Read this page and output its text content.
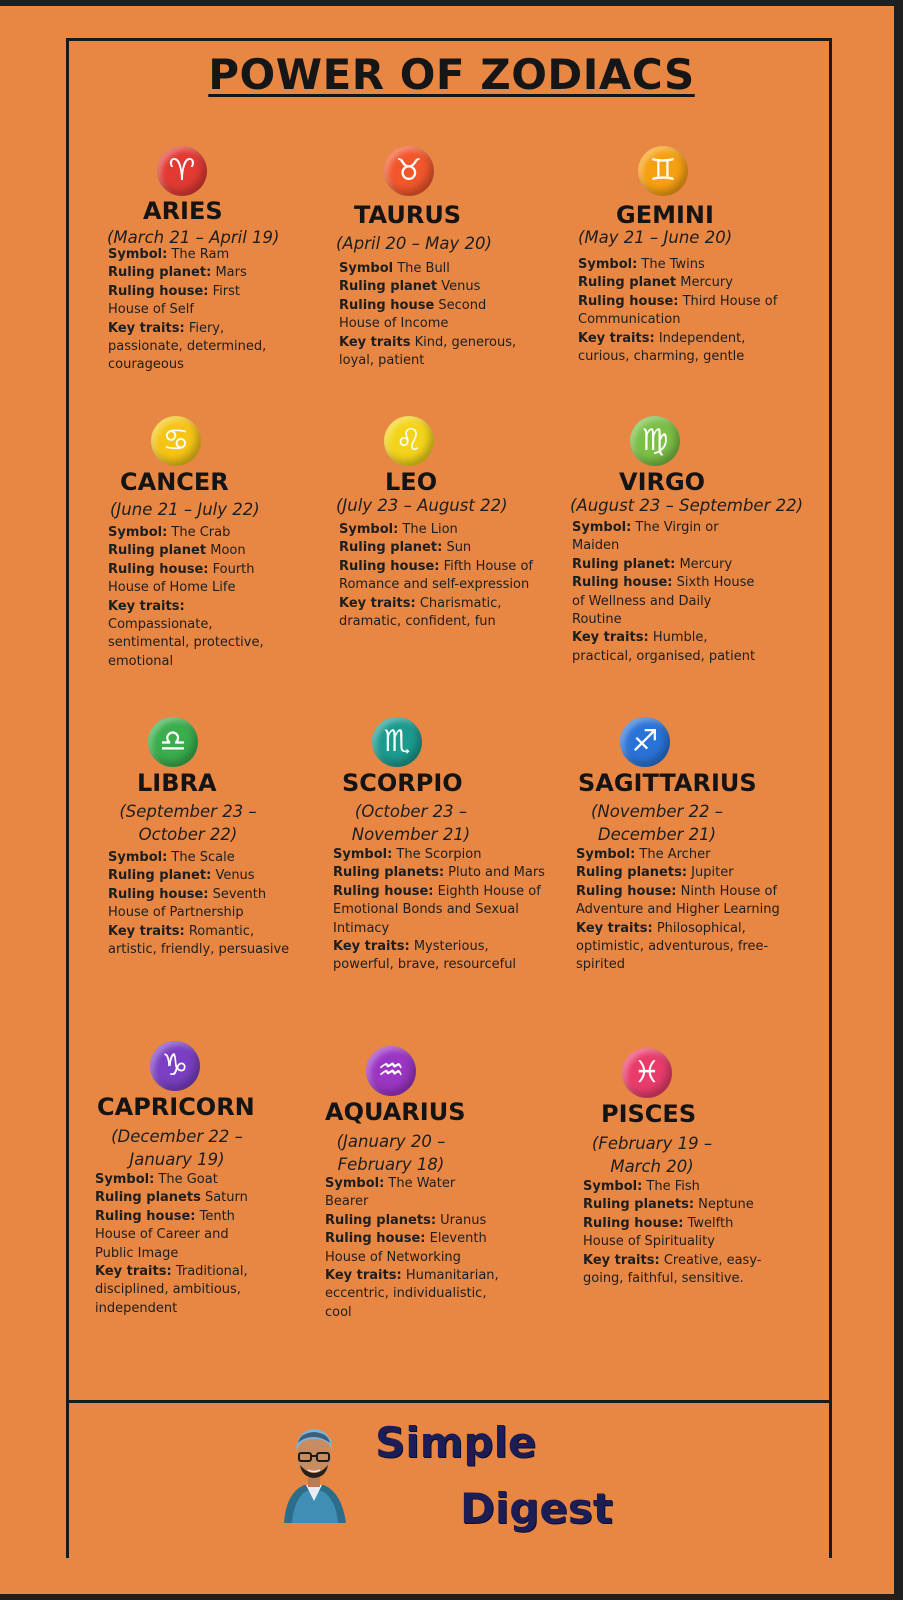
POWER OF ZODIACS
♈
ARIES
(March 21 – April 19)
Symbol: The Ram
Ruling planet: Mars
Ruling house: First House of Self
Key traits: Fiery, passionate, determined, courageous
♉
TAURUS
(April 20 – May 20)
Symbol The Bull
Ruling planet Venus
Ruling house Second House of Income
Key traits Kind, generous, loyal, patient
♊
GEMINI
(May 21 – June 20)
Symbol: The Twins
Ruling planet Mercury
Ruling house: Third House of Communication
Key traits: Independent, curious, charming, gentle
♋
CANCER
(June 21 – July 22)
Symbol: The Crab
Ruling planet Moon
Ruling house: Fourth House of Home Life
Key traits: Compassionate, sentimental, protective, emotional
♌
LEO
(July 23 – August 22)
Symbol: The Lion
Ruling planet: Sun
Ruling house: Fifth House of Romance and self-expression
Key traits: Charismatic, dramatic, confident, fun
♍
VIRGO
(August 23 – September 22)
Symbol: The Virgin or Maiden
Ruling planet: Mercury
Ruling house: Sixth House of Wellness and Daily Routine
Key traits: Humble, practical, organised, patient
♎
LIBRA
(September 23 – October 22)
Symbol: The Scale
Ruling planet: Venus
Ruling house: Seventh House of Partnership
Key traits: Romantic, artistic, friendly, persuasive
♏
SCORPIO
(October 23 – November 21)
Symbol: The Scorpion
Ruling planets: Pluto and Mars
Ruling house: Eighth House of Emotional Bonds and Sexual Intimacy
Key traits: Mysterious, powerful, brave, resourceful
♐
SAGITTARIUS
(November 22 – December 21)
Symbol: The Archer
Ruling planets: Jupiter
Ruling house: Ninth House of Adventure and Higher Learning
Key traits: Philosophical, optimistic, adventurous, free-spirited
♑
CAPRICORN
(December 22 – January 19)
Symbol: The Goat
Ruling planets Saturn
Ruling house: Tenth House of Career and Public Image
Key traits: Traditional, disciplined, ambitious, independent
♒
AQUARIUS
(January 20 – February 18)
Symbol: The Water Bearer
Ruling planets: Uranus
Ruling house: Eleventh House of Networking
Key traits: Humanitarian, eccentric, individualistic, cool
♓
PISCES
(February 19 – March 20)
Symbol: The Fish
Ruling planets: Neptune
Ruling house: Twelfth House of Spirituality
Key traits: Creative, easy-going, faithful, sensitive.
Simple
Digest
